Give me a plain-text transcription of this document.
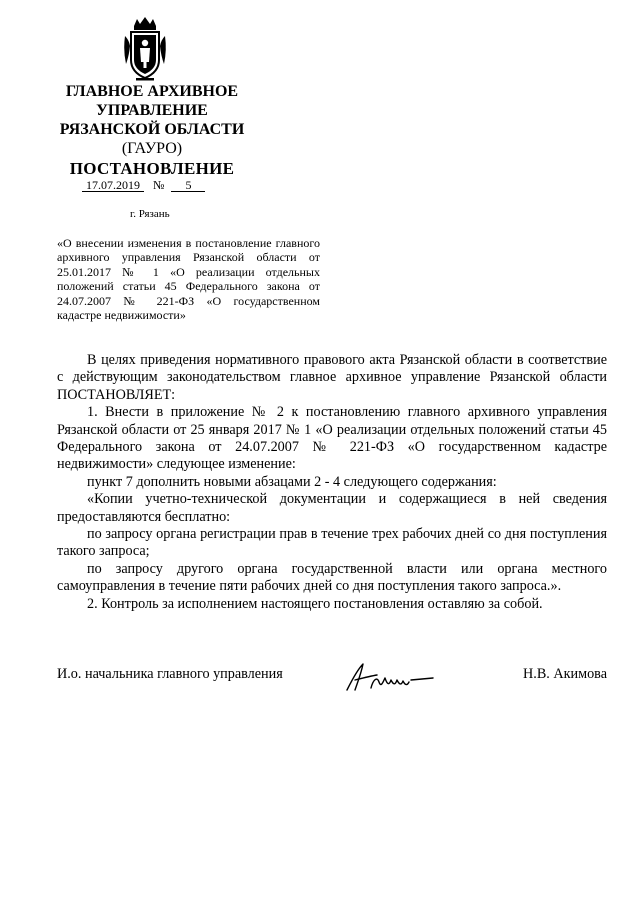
ГЛАВНОЕ АРХИВНОЕ
УПРАВЛЕНИЕ
РЯЗАНСКОЙ ОБЛАСТИ
(ГАУРО)
ПОСТАНОВЛЕНИЕ
17.07.2019 № 5
г. Рязань
«О внесении изменения в постановление главного архивного управления Рязанской области от 25.01.2017 № 1 «О реализации отдельных положений статьи 45 Федерального закона от 24.07.2007 № 221-ФЗ «О государственном кадастре недвижимости»

В целях приведения нормативного правового акта Рязанской области в соответствие с действующим законодательством главное архивное управление Рязанской области ПОСТАНОВЛЯЕТ:

1. Внести в приложение № 2 к постановлению главного архивного управления Рязанской области от 25 января 2017 № 1 «О реализации отдельных положений статьи 45 Федерального закона от 24.07.2007 № 221-ФЗ «О государственном кадастре недвижимости» следующее изменение:

пункт 7 дополнить новыми абзацами 2 - 4 следующего содержания:

«Копии учетно-технической документации и содержащиеся в ней сведения предоставляются бесплатно:

по запросу органа регистрации прав в течение трех рабочих дней со дня поступления такого запроса;

по запросу другого органа государственной власти или органа местного самоуправления в течение пяти рабочих дней со дня поступления такого запроса.».

2. Контроль за исполнением настоящего постановления оставляю за собой.

И.о. начальника главного управления	Н.В. Акимова
